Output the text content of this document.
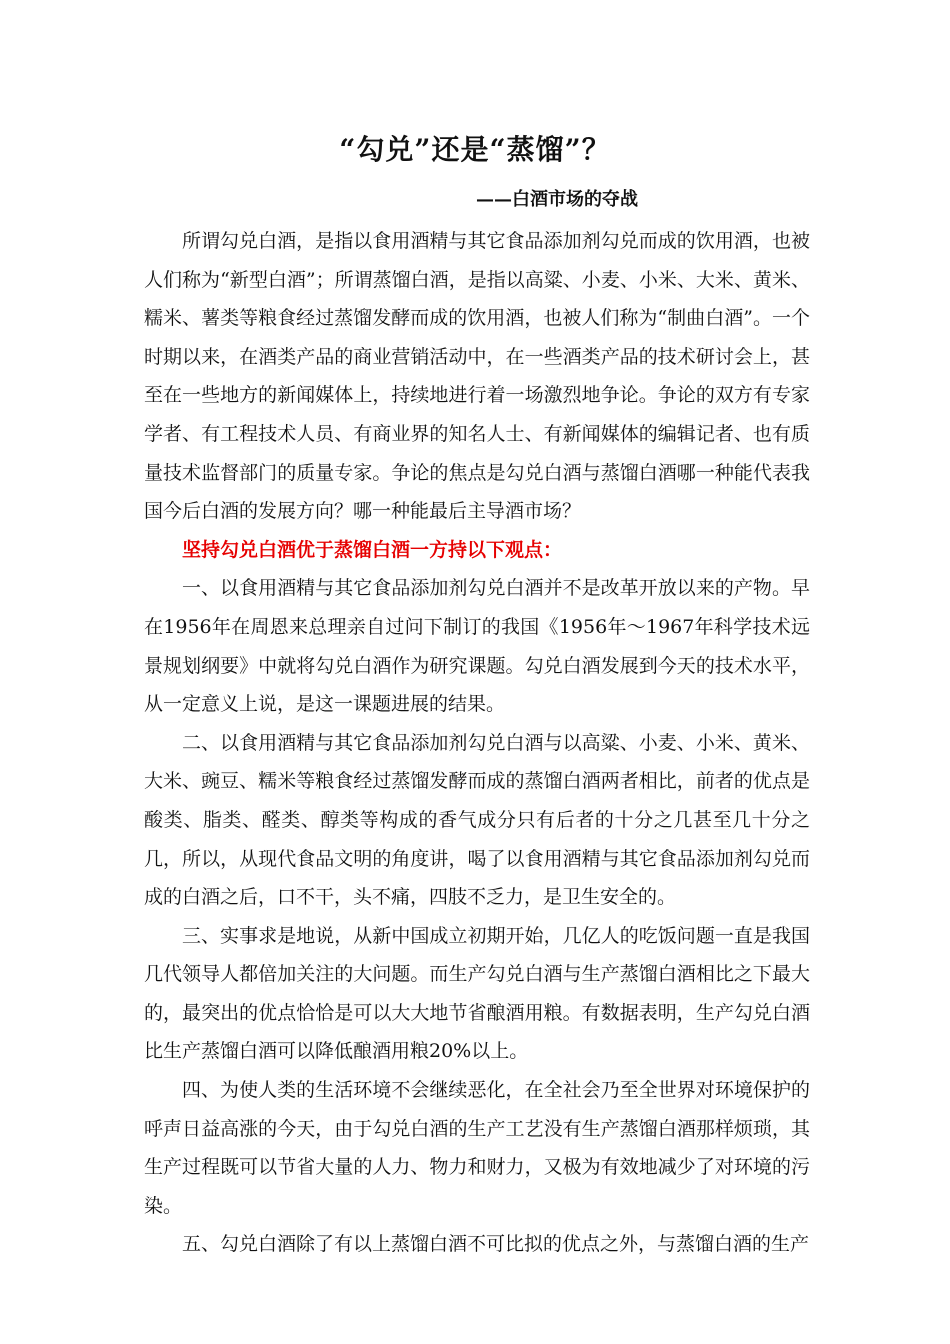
“勾兑”还是“蒸馏”？
——白酒市场的夺战

所谓勾兑白酒，是指以食用酒精与其它食品添加剂勾兑而成的饮用酒，也被人们称为“新型白酒”；所谓蒸馏白酒，是指以高粱、小麦、小米、大米、黄米、糯米、薯类等粮食经过蒸馏发酵而成的饮用酒，也被人们称为“制曲白酒”。一个时期以来，在酒类产品的商业营销活动中，在一些酒类产品的技术研讨会上，甚至在一些地方的新闻媒体上，持续地进行着一场激烈地争论。争论的双方有专家学者、有工程技术人员、有商业界的知名人士、有新闻媒体的编辑记者、也有质量技术监督部门的质量专家。争论的焦点是勾兑白酒与蒸馏白酒哪一种能代表我国今后白酒的发展方向？哪一种能最后主导酒市场？

坚持勾兑白酒优于蒸馏白酒一方持以下观点：

一、以食用酒精与其它食品添加剂勾兑白酒并不是改革开放以来的产物。早在1956年在周恩来总理亲自过问下制订的我国《1956年～1967年科学技术远景规划纲要》中就将勾兑白酒作为研究课题。勾兑白酒发展到今天的技术水平，从一定意义上说，是这一课题进展的结果。

二、以食用酒精与其它食品添加剂勾兑白酒与以高粱、小麦、小米、黄米、大米、豌豆、糯米等粮食经过蒸馏发酵而成的蒸馏白酒两者相比，前者的优点是酸类、脂类、醛类、醇类等构成的香气成分只有后者的十分之几甚至几十分之几，所以，从现代食品文明的角度讲，喝了以食用酒精与其它食品添加剂勾兑而成的白酒之后，口不干，头不痛，四肢不乏力，是卫生安全的。

三、实事求是地说，从新中国成立初期开始，几亿人的吃饭问题一直是我国几代领导人都倍加关注的大问题。而生产勾兑白酒与生产蒸馏白酒相比之下最大的，最突出的优点恰恰是可以大大地节省酿酒用粮。有数据表明，生产勾兑白酒比生产蒸馏白酒可以降低酿酒用粮20%以上。

四、为使人类的生活环境不会继续恶化，在全社会乃至全世界对环境保护的呼声日益高涨的今天，由于勾兑白酒的生产工艺没有生产蒸馏白酒那样烦琐，其生产过程既可以节省大量的人力、物力和财力，又极为有效地减少了对环境的污染。

五、勾兑白酒除了有以上蒸馏白酒不可比拟的优点之外，与蒸馏白酒的生产
